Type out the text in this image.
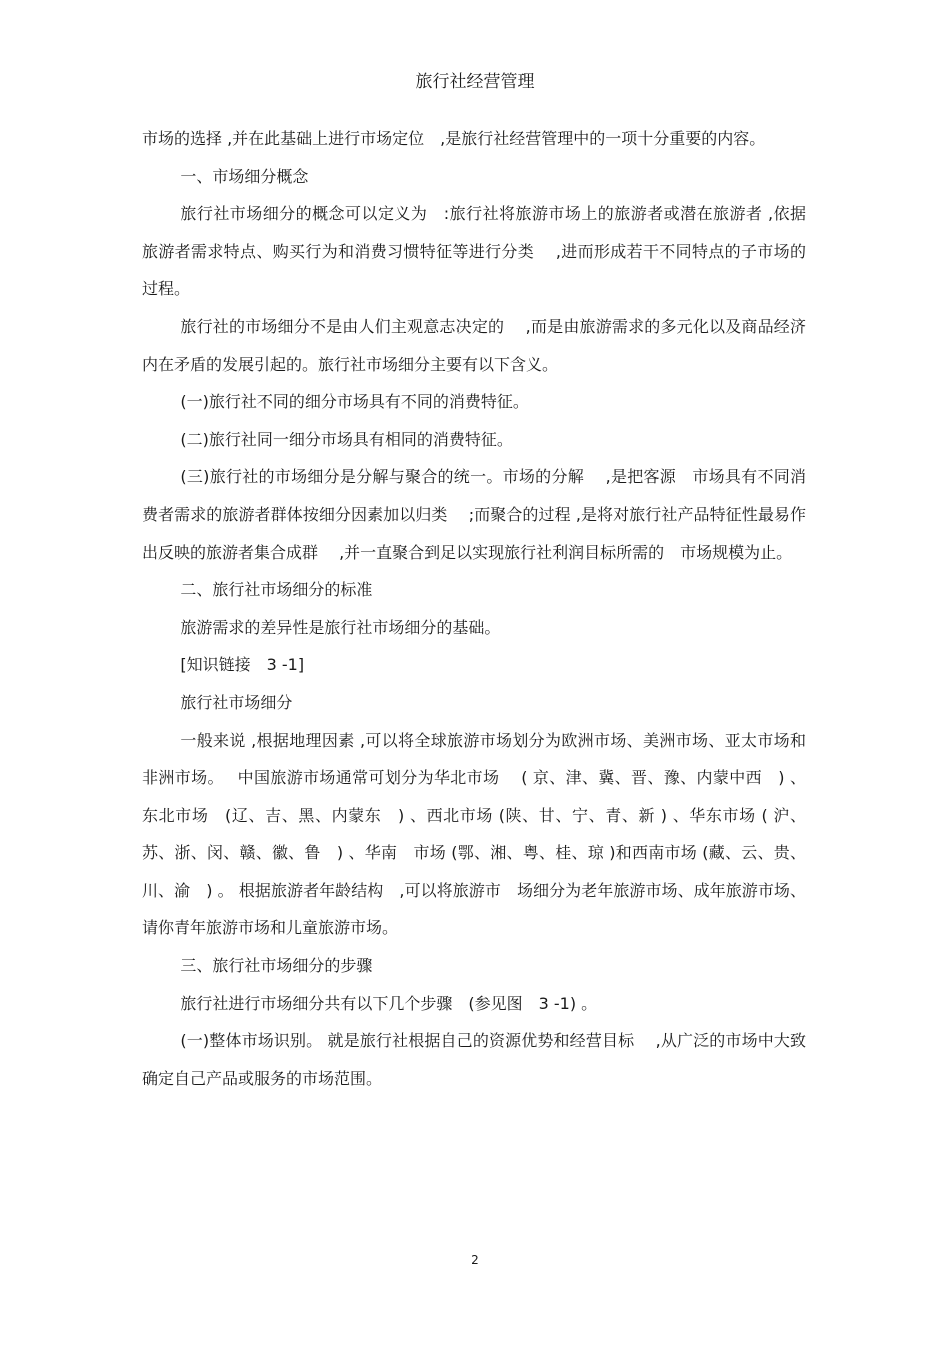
旅行社经营管理

市场的选择 ,并在此基础上进行市场定位　,是旅行社经营管理中的一项十分重要的内容。

一、市场细分概念

旅行社市场细分的概念可以定义为　:旅行社将旅游市场上的旅游者或潜在旅游者 ,依据　旅游者需求特点、购买行为和消费习惯特征等进行分类　 ,进而形成若干不同特点的子市场的　 过程。

旅行社的市场细分不是由人们主观意志决定的　 ,而是由旅游需求的多元化以及商品经济内在矛盾的发展引起的。旅行社市场细分主要有以下含义。

(一)旅行社不同的细分市场具有不同的消费特征。

(二)旅行社同一细分市场具有相同的消费特征。

(三)旅行社的市场细分是分解与聚合的统一。市场的分解　 ,是把客源　市场具有不同消费者需求的旅游者群体按细分因素加以归类　 ;而聚合的过程 ,是将对旅行社产品特征性最易作出反映的旅游者集合成群　 ,并一直聚合到足以实现旅行社利润目标所需的　市场规模为止。

二、旅行社市场细分的标准

旅游需求的差异性是旅行社市场细分的基础。

[知识链接　3 -1]

旅行社市场细分

一般来说 ,根据地理因素 ,可以将全球旅游市场划分为欧洲市场、美洲市场、亚太市场和　非洲市场。　 中国旅游市场通常可划分为华北市场　 ( 京、津、冀、晋、豫、内蒙中西　) 、东北市场　(辽、吉、黑、内蒙东　) 、西北市场 (陕、甘、宁、青、新 ) 、华东市场 ( 沪、苏、浙、闵、赣、徽、鲁　) 、华南　市场 (鄂、湘、粤、桂、琼 )和西南市场 (藏、云、贵、川、渝　) 。 根据旅游者年龄结构　,可以将旅游市　场细分为老年旅游市场、成年旅游市场、请你青年旅游市场和儿童旅游市场。

三、旅行社市场细分的步骤

旅行社进行市场细分共有以下几个步骤　(参见图　3 -1) 。

(一)整体市场识别。 就是旅行社根据自己的资源优势和经营目标　 ,从广泛的市场中大致确定自己产品或服务的市场范围。

2
